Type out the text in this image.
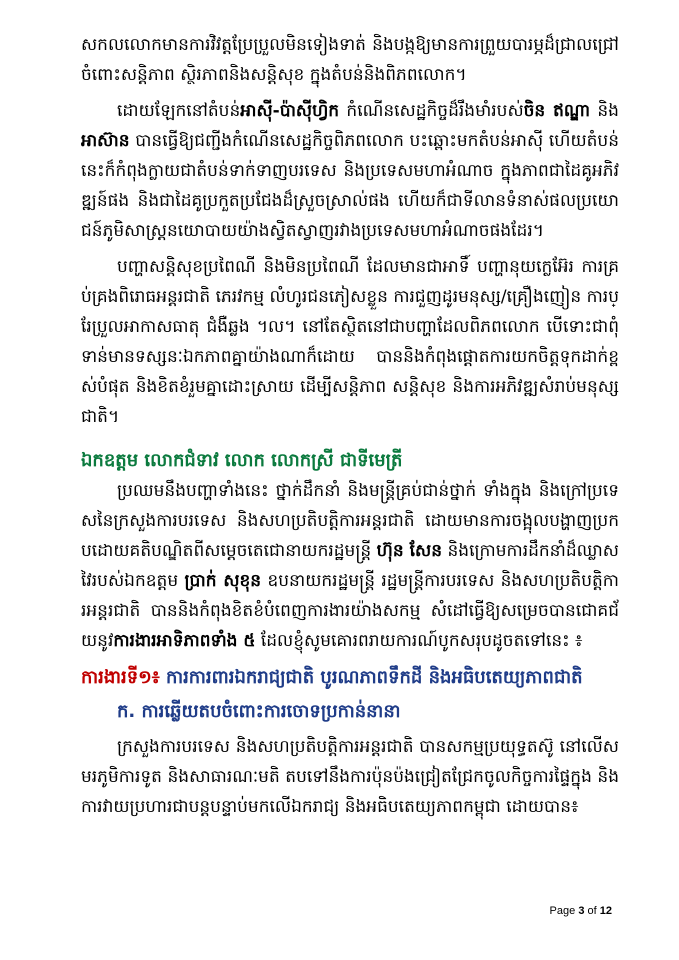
សកលលោកមានការវិវត្តប្រែប្រួលមិនទៀងទាត់ និងបង្កឱ្យមានការព្រួយបារម្ភដ៏ជ្រាលជ្រៅចំពោះសន្តិភាព ស្ថិរភាពនិងសន្តិសុខ ក្នុងតំបន់និងពិភពលោក។

ដោយឡែកនៅតំបន់អាស៊ី-ប៉ាស៊ីហ្វិក កំណើនសេដ្ឋកិច្ចដ៏រឹងមាំរបស់ចិន ឥណ្ឌា និងអាស៊ាន បានធ្វើឱ្យជញ្ជីងកំណើនសេដ្ឋកិច្ចពិភពលោក បះឆ្ពោះមកតំបន់អាស៊ី ហើយតំបន់នេះក៏កំពុងក្លាយជាតំបន់ទាក់ទាញបរទេស និងប្រទេសមហាអំណាច ក្នុងភាពជាដៃគូអភិវឌ្ឍន៍ផង និងជាដៃគូប្រកួតប្រជែងដ៏ស្រួចស្រាល់ផង ហើយក៏ជាទីលានទំនាស់ផលប្រយោជន៍ភូមិសាស្ត្រនយោបាយយ៉ាងស្វិតស្វាញរវាងប្រទេសមហាអំណាចផងដែរ។

បញ្ហាសន្តិសុខប្រពៃណី និងមិនប្រពៃណី ដែលមានជាអាទិ៍ បញ្ហានុយក្លេអ៊ែរ ការគ្រប់គ្រងពិរោធអន្តរជាតិ ភេរវកម្ម លំហូរជនភៀសខ្លួន ការជួញដូរមនុស្ស/គ្រឿងញៀន ការប្រែប្រួលអាកាសធាតុ ជំងឺឆ្លង ។ល។ នៅតែស្ថិតនៅជាបញ្ហាដែលពិភពលោក បើទោះជាពុំទាន់មានទស្សនៈឯកភាពគ្នាយ៉ាងណាក៏ដោយ បាននិងកំពុងផ្តោតការយកចិត្តទុកដាក់ខ្ពស់បំផុត និងខិតខំរួមគ្នាដោះស្រាយ ដើម្បីសន្តិភាព សន្តិសុខ និងការអភិវឌ្ឍសំរាប់មនុស្សជាតិ។

ឯកឧត្តម លោកជំទាវ លោក លោកស្រី ជាទីមេត្រី

ប្រឈមនឹងបញ្ហាទាំងនេះ ថ្នាក់ដឹកនាំ និងមន្ត្រីគ្រប់ជាន់ថ្នាក់ ទាំងក្នុង និងក្រៅប្រទេសនៃក្រសួងការបរទេស និងសហប្រតិបត្តិការអន្តរជាតិ ដោយមានការចង្អុលបង្ហាញប្រកបដោយគតិបណ្ឌិតពីសម្តេចតេជោនាយករដ្ឋមន្ត្រី ហ៊ុន សែន និងក្រោមការដឹកនាំដ៏ឈ្លាសវៃរបស់ឯកឧត្តម ប្រាក់ សុខុន ឧបនាយករដ្ឋមន្ត្រី រដ្ឋមន្ត្រីការបរទេស និងសហប្រតិបត្តិការអន្តរជាតិ បាននិងកំពុងខិតខំបំពេញការងារយ៉ាងសកម្ម សំដៅធ្វើឱ្យសម្រេចបានជោគជ័យនូវការងារអាទិភាពទាំង ៥ ដែលខ្ញុំសូមគោរពរាយការណ៍បូកសរុបដូចតទៅនេះ ៖

ការងារទី១៖ ការការពារឯករាជ្យជាតិ បូរណភាពទឹកដី និងអធិបតេយ្យភាពជាតិ
ក. ការឆ្លើយតបចំពោះការចោទប្រកាន់នានា

ក្រសួងការបរទេស និងសហប្រតិបត្តិការអន្តរជាតិ បានសកម្មប្រយុទ្ធតស៊ូ នៅលើសមរភូមិការទូត និងសាធារណៈមតិ តបទៅនឹងការប៉ុនប៉ងជ្រៀតជ្រែកចូលកិច្ចការផ្ទៃក្នុង និងការវាយប្រហារជាបន្តបន្ទាប់មកលើឯករាជ្យ និងអធិបតេយ្យភាពកម្ពុជា ដោយបាន៖

Page 3 of 12
